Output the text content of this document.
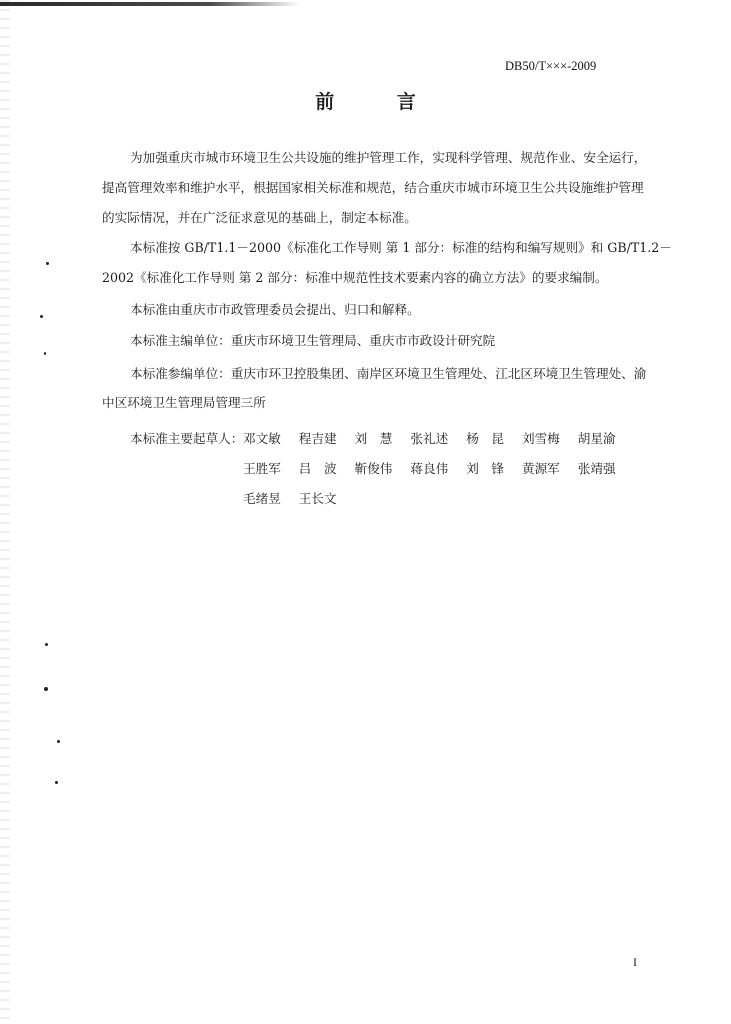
DB50/T×××-2009
前 言

为加强重庆市城市环境卫生公共设施的维护管理工作，实现科学管理、规范作业、安全运行，

提高管理效率和维护水平，根据国家相关标准和规范，结合重庆市城市环境卫生公共设施维护管理

的实际情况，并在广泛征求意见的基础上，制定本标准。

本标准按 GB/T1.1－2000《标准化工作导则 第 1 部分：标准的结构和编写规则》和 GB/T1.2－

2002《标准化工作导则 第 2 部分：标准中规范性技术要素内容的确立方法》的要求编制。

本标准由重庆市市政管理委员会提出、归口和解释。

本标准主编单位：重庆市环境卫生管理局、重庆市市政设计研究院

本标准参编单位：重庆市环卫控股集团、南岸区环境卫生管理处、江北区环境卫生管理处、渝

中区环境卫生管理局管理三所

本标准主要起草人： 邓文敏 程吉建 刘　慧 张礼述 杨　昆 刘雪梅 胡星渝
王胜军 吕　波 靳俊伟 蒋良伟 刘　锋 黄源军 张靖强
毛绪昱 王长文
I
